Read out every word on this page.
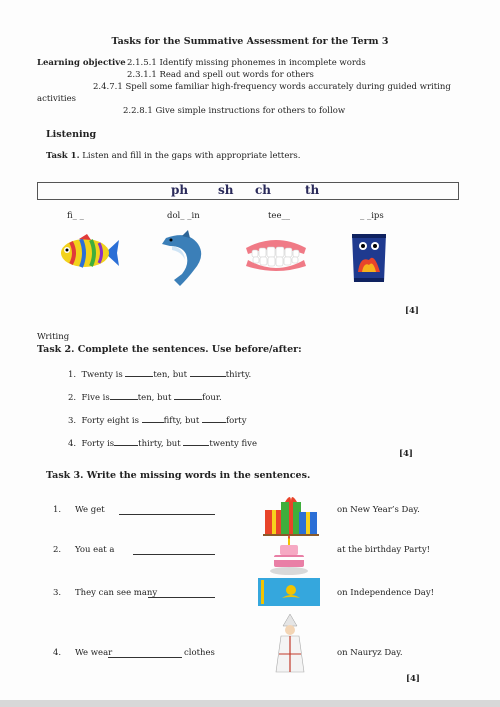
Tasks for the Summative Assessment for the Term 3
Learning objective 2.1.5.1 Identify missing phonemes in incomplete words
2.3.1.1 Read and spell out words for others
2.4.7.1 Spell some familiar high-frequency words accurately during guided writing
activities
2.2.8.1 Give simple instructions for others to follow
Listening
Task 1. Listen and fill in the gaps with appropriate letters.
ph sh ch	th
fi_ _	dol_ _in	tee__	_ _ips
[4]
Writing
Task 2. Complete the sentences. Use before/after:
1. Twenty is	ten, but	thirty.
2. Five is	ten, but	four.
3. Forty eight is	fifty, but	forty
4. Forty is	thirty, but	twenty five
[4]
Task 3. Write the missing words in the sentences.
1. We get	on New Year’s Day.
2. You eat a	at the birthday Party!
3. They can see many	on Independence Day!
4. We wear	clothes	on Nauryz Day.
[4]
